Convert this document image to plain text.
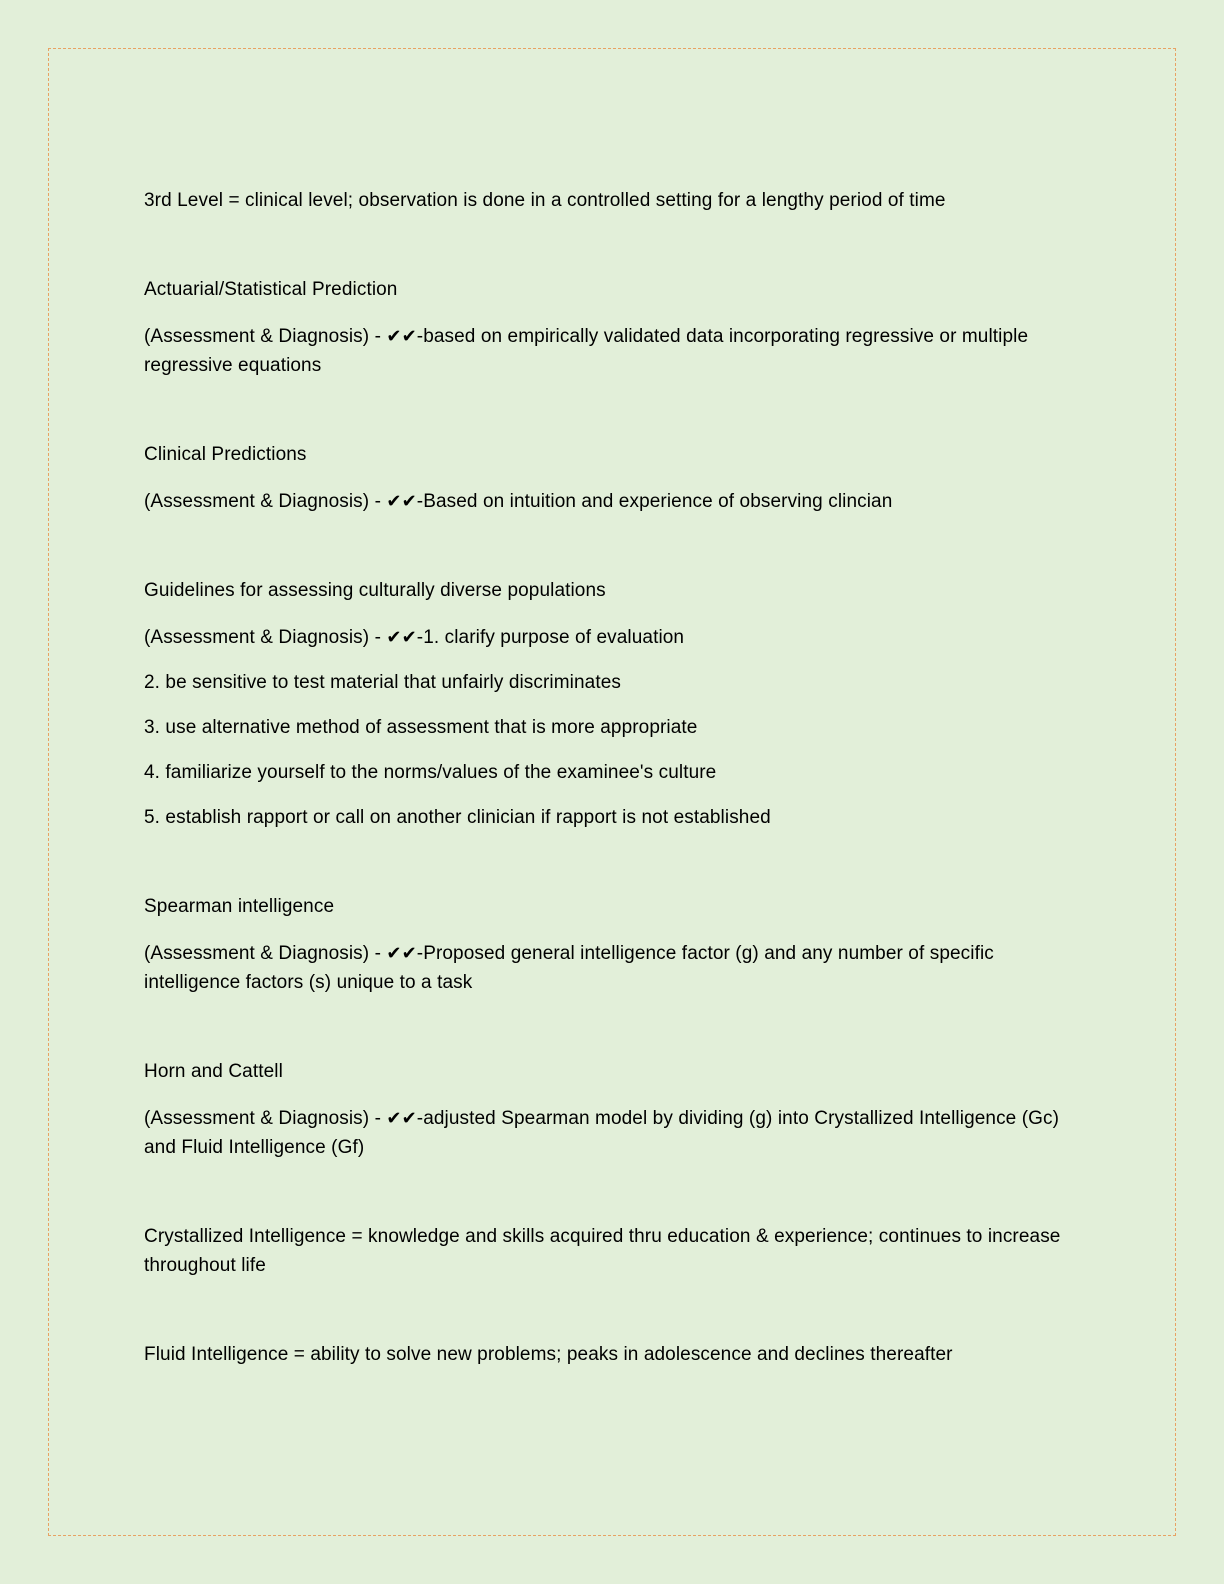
3rd Level = clinical level; observation is done in a controlled setting for a lengthy period of time

Actuarial/Statistical Prediction

(Assessment & Diagnosis) - ✔✔-based on empirically validated data incorporating regressive or multiple regressive equations

Clinical Predictions

(Assessment & Diagnosis) - ✔✔-Based on intuition and experience of observing clincian

Guidelines for assessing culturally diverse populations

(Assessment & Diagnosis) - ✔✔-1. clarify purpose of evaluation

2. be sensitive to test material that unfairly discriminates

3. use alternative method of assessment that is more appropriate

4. familiarize yourself to the norms/values of the examinee's culture

5. establish rapport or call on another clinician if rapport is not established

Spearman intelligence

(Assessment & Diagnosis) - ✔✔-Proposed general intelligence factor (g) and any number of specific intelligence factors (s) unique to a task

Horn and Cattell

(Assessment & Diagnosis) - ✔✔-adjusted Spearman model by dividing (g) into Crystallized Intelligence (Gc) and Fluid Intelligence (Gf)

Crystallized Intelligence = knowledge and skills acquired thru education & experience; continues to increase throughout life

Fluid Intelligence = ability to solve new problems; peaks in adolescence and declines thereafter
